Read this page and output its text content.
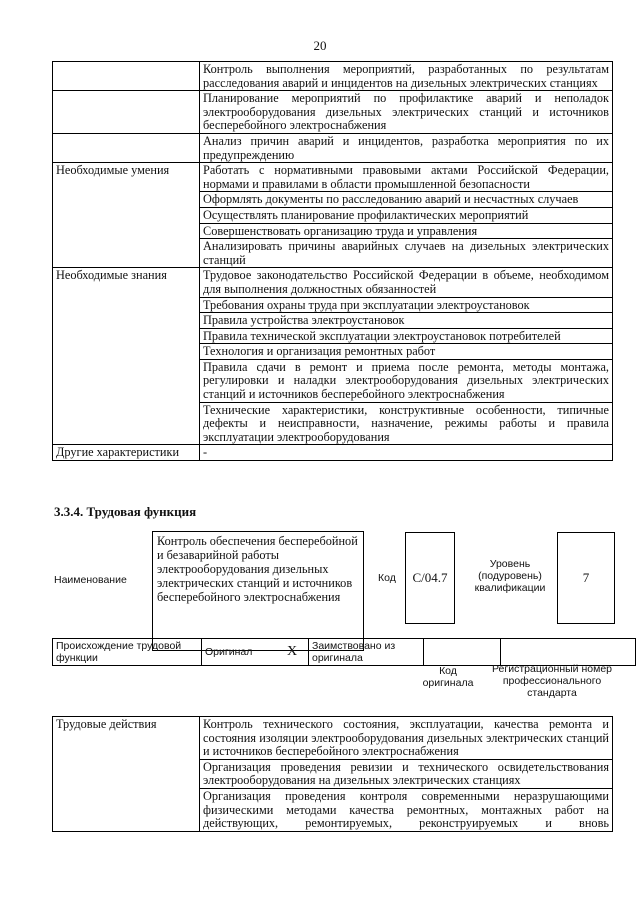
20
	Контроль выполнения мероприятий, разработанных по результатам расследования аварий и инцидентов на дизельных электрических станциях
	Планирование мероприятий по профилактике аварий и неполадок электрооборудования дизельных электрических станций и источников бесперебойного электроснабжения
	Анализ причин аварий и инцидентов, разработка мероприятия по их предупреждению
Необходимые умения	Работать с нормативными правовыми актами Российской Федерации, нормами и правилами в области промышленной безопасности
	Оформлять документы по расследованию аварий и несчастных случаев
	Осуществлять планирование профилактических мероприятий
	Совершенствовать организацию труда и управления
	Анализировать причины аварийных случаев на дизельных электрических станций
Необходимые знания	Трудовое законодательство Российской Федерации в объеме, необходимом для выполнения должностных обязанностей
	Требования охраны труда при эксплуатации электроустановок
	Правила устройства электроустановок
	Правила технической эксплуатации электроустановок потребителей
	Технология и организация ремонтных работ
	Правила сдачи в ремонт и приема после ремонта, методы монтажа, регулировки и наладки электрооборудования дизельных электрических станций и источников бесперебойного электроснабжения
	Технические характеристики, конструктивные особенности, типичные дефекты и неисправности, назначение, режимы работы и правила эксплуатации электрооборудования
Другие характеристики	-
3.3.4. Трудовая функция
Наименование
Контроль обеспечения бесперебойной и безаварийной работы электрооборудования дизельных электрических станций и источников бесперебойного электроснабжения
Код	C/04.7
Уровень (подуровень) квалификации
7
Происхождение трудовой функции	Оригинал	X	Заимствовано из оригинала		
Код оригинала
Регистрационный номер профессионального стандарта
Трудовые действия	Контроль технического состояния, эксплуатации, качества ремонта и состояния изоляции электрооборудования дизельных электрических станций и источников бесперебойного электроснабжения
Организация проведения ревизии и технического освидетельствования электрооборудования на дизельных электрических станциях
Организация проведения контроля современными неразрушающими физическими методами качества ремонтных, монтажных работ на действующих, ремонтируемых, реконструируемых и вновь
